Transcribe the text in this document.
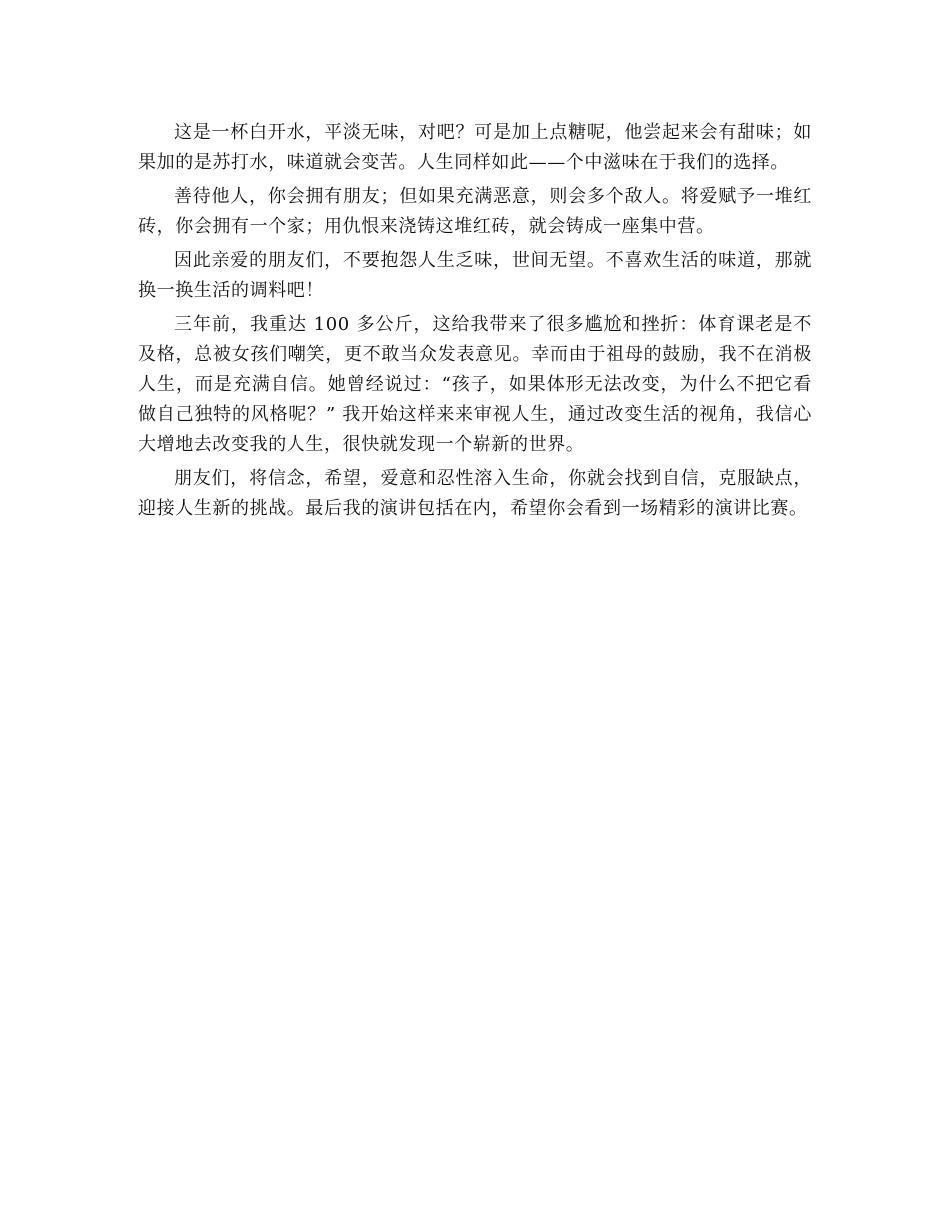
这是一杯白开水，平淡无味，对吧？可是加上点糖呢，他尝起来会有甜味；如果加的是苏打水，味道就会变苦。人生同样如此——个中滋味在于我们的选择。

善待他人，你会拥有朋友；但如果充满恶意，则会多个敌人。将爱赋予一堆红砖，你会拥有一个家；用仇恨来浇铸这堆红砖，就会铸成一座集中营。

因此亲爱的朋友们，不要抱怨人生乏味，世间无望。不喜欢生活的味道，那就换一换生活的调料吧！

三年前，我重达 100 多公斤，这给我带来了很多尴尬和挫折：体育课老是不及格，总被女孩们嘲笑，更不敢当众发表意见。幸而由于祖母的鼓励，我不在消极人生，而是充满自信。她曾经说过：“孩子，如果体形无法改变，为什么不把它看做自己独特的风格呢？” 我开始这样来来审视人生，通过改变生活的视角，我信心大增地去改变我的人生，很快就发现一个崭新的世界。

朋友们，将信念，希望，爱意和忍性溶入生命，你就会找到自信，克服缺点，迎接人生新的挑战。最后我的演讲包括在内，希望你会看到一场精彩的演讲比赛。
